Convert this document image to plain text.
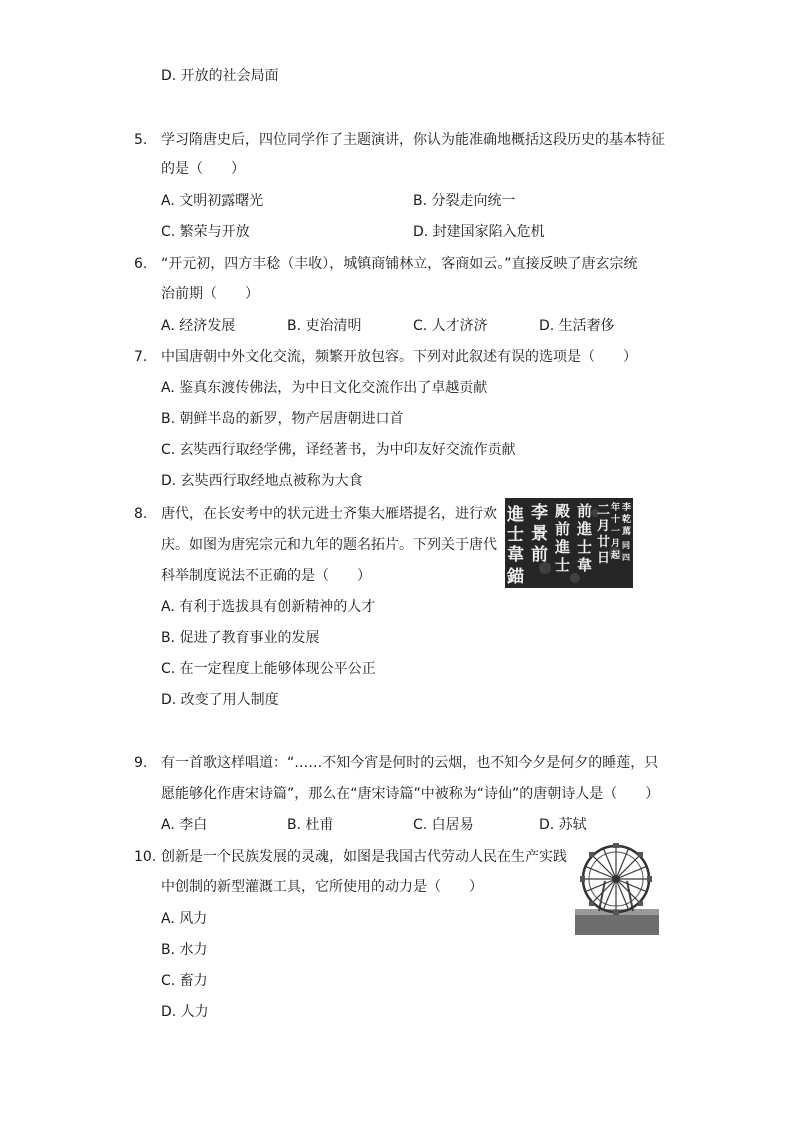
D. 开放的社会局面
5. 学习隋唐史后，四位同学作了主题演讲，你认为能准确地概括这段历史的基本特征
的是（　　）
A. 文明初露曙光	B. 分裂走向统一
C. 繁荣与开放	D. 封建国家陷入危机
6. “开元初，四方丰稔（丰收），城镇商铺林立，客商如云。”直接反映了唐玄宗统
治前期（　　）
A. 经济发展	B. 吏治清明	C. 人才济济	D. 生活奢侈
7. 中国唐朝中外文化交流，频繁开放包容。下列对此叙述有误的选项是（　　）
A. 鉴真东渡传佛法，为中日文化交流作出了卓越贡献
B. 朝鲜半岛的新罗，物产居唐朝进口首
C. 玄奘西行取经学佛，译经著书，为中印友好交流作贡献
D. 玄奘西行取经地点被称为大食
8. 唐代，在长安考中的状元进士齐集大雁塔提名，进行欢
庆。如图为唐宪宗元和九年的题名拓片。下列关于唐代
科举制度说法不正确的是（　　）
A. 有利于选拔具有创新精神的人才
B. 促进了教育事业的发展
C. 在一定程度上能够体现公平公正
D. 改变了用人制度
進
士
韋
錨
李
景
前
殿
前
進
士
前
進
士
韋
二
月
廿
日
年
十
一
月
起
李
乾
䔍
同
四
9. 有一首歌这样唱道：“……不知今宵是何时的云烟，也不知今夕是何夕的睡莲，只
愿能够化作唐宋诗篇”，那么在“唐宋诗篇”中被称为“诗仙”的唐朝诗人是（　　）
A. 李白	B. 杜甫	C. 白居易	D. 苏轼
10. 创新是一个民族发展的灵魂，如图是我国古代劳动人民在生产实践
中创制的新型灌溉工具，它所使用的动力是（　　）
A. 风力
B. 水力
C. 畜力
D. 人力
